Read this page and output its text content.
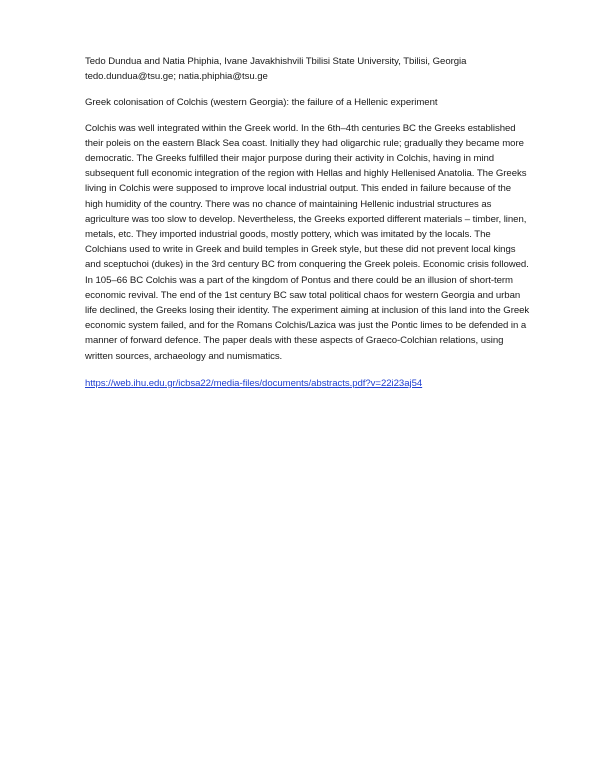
Tedo Dundua and Natia Phiphia, Ivane Javakhishvili Tbilisi State University, Tbilisi, Georgia

tedo.dundua@tsu.ge; natia.phiphia@tsu.ge

Greek colonisation of Colchis (western Georgia): the failure of a Hellenic experiment

Colchis was well integrated within the Greek world. In the 6th–4th centuries BC the Greeks established their poleis on the eastern Black Sea coast. Initially they had oligarchic rule; gradually they became more democratic. The Greeks fulfilled their major purpose during their activity in Colchis, having in mind subsequent full economic integration of the region with Hellas and highly Hellenised Anatolia. The Greeks living in Colchis were supposed to improve local industrial output. This ended in failure because of the high humidity of the country. There was no chance of maintaining Hellenic industrial structures as agriculture was too slow to develop. Nevertheless, the Greeks exported different materials – timber, linen, metals, etc. They imported industrial goods, mostly pottery, which was imitated by the locals. The Colchians used to write in Greek and build temples in Greek style, but these did not prevent local kings and sceptuchoi (dukes) in the 3rd century BC from conquering the Greek poleis. Economic crisis followed. In 105–66 BC Colchis was a part of the kingdom of Pontus and there could be an illusion of short-term economic revival. The end of the 1st century BC saw total political chaos for western Georgia and urban life declined, the Greeks losing their identity. The experiment aiming at inclusion of this land into the Greek economic system failed, and for the Romans Colchis/Lazica was just the Pontic limes to be defended in a manner of forward defence. The paper deals with these aspects of Graeco-Colchian relations, using written sources, archaeology and numismatics.

https://web.ihu.edu.gr/icbsa22/media-files/documents/abstracts.pdf?v=22i23aj54
